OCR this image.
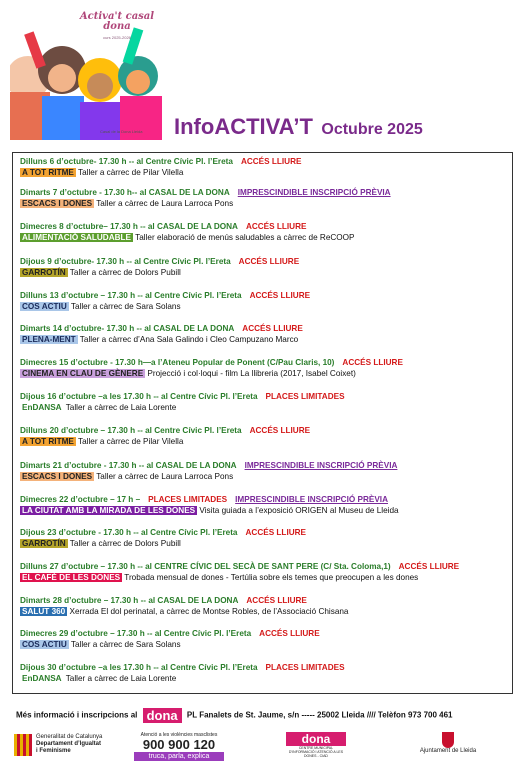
Activa't casal dona
curs 2025-2026
Casal de la Dona Lleida InfoACTIVA’T Octubre 2025
Dilluns 6 d’octubre- 17.30 h -- al Centre Cívic Pl. l’Ereta ACCÉS LLIURE
A TOT RITME Taller a càrrec de Pilar Vilella
Dimarts 7 d’octubre - 17.30 h-- al CASAL DE LA DONA IMPRESCINDIBLE INSCRIPCIÓ PRÈVIA
ESCACS I DONES Taller a càrrec de Laura Larroca Pons
Dimecres 8 d’octubre– 17.30 h -- al CASAL DE LA DONA ACCÉS LLIURE
ALIMENTACIÓ SALUDABLE Taller elaboració de menús saludables a càrrec de ReCOOP
Dijous 9 d’octubre- 17.30 h -- al Centre Cívic Pl. l’Ereta ACCÉS LLIURE
GARROTÍN Taller a càrrec de Dolors Pubill
Dilluns 13 d’octubre – 17.30 h -- al Centre Cívic Pl. l’Ereta ACCÉS LLIURE
COS ACTIU Taller a càrrec de Sara Solans
Dimarts 14 d’octubre- 17.30 h -- al CASAL DE LA DONA ACCÉS LLIURE
PLENA-MENT Taller a càrrec d’Ana Sala Galindo i Cleo Campuzano Marco
Dimecres 15 d’octubre - 17.30 h—a l’Ateneu Popular de Ponent (C/Pau Claris, 10) ACCÉS LLIURE
CINEMA EN CLAU DE GÈNERE Projecció i col·loqui - film La llibreria (2017, Isabel Coixet)
Dijous 16 d’octubre –a les 17.30 h -- al Centre Cívic Pl. l’Ereta PLACES LIMITADES
EnDANSA Taller a càrrec de Laia Lorente
Dilluns 20 d’octubre – 17.30 h -- al Centre Cívic Pl. l’Ereta ACCÉS LLIURE
A TOT RITME Taller a càrrec de Pilar Vilella
Dimarts 21 d’octubre - 17.30 h -- al CASAL DE LA DONA IMPRESCINDIBLE INSCRIPCIÓ PRÈVIA
ESCACS I DONES Taller a càrrec de Laura Larroca Pons
Dimecres 22 d’octubre – 17 h – PLACES LIMITADES IMPRESCINDIBLE INSCRIPCIÓ PRÈVIA
LA CIUTAT AMB LA MIRADA DE LES DONES Visita guiada a l’exposició ORIGEN al Museu de Lleida
Dijous 23 d’octubre - 17.30 h -- al Centre Cívic Pl. l’Ereta ACCÉS LLIURE
GARROTÍN Taller a càrrec de Dolors Pubill
Dilluns 27 d’octubre – 17.30 h -- al CENTRE CÍVIC DEL SECÀ DE SANT PERE (C/ Sta. Coloma,1) ACCÉS LLIURE
EL CAFÈ DE LES DONES Trobada mensual de dones - Tertúlia sobre els temes que preocupen a les dones
Dimarts 28 d’octubre – 17.30 h -- al CASAL DE LA DONA ACCÉS LLIURE
SALUT 360 Xerrada El dol perinatal, a càrrec de Montse Robles, de l’Associació Chisana
Dimecres 29 d’octubre – 17.30 h -- al Centre Cívic Pl. l’Ereta ACCÉS LLIURE
COS ACTIU Taller a càrrec de Sara Solans
Dijous 30 d’octubre –a les 17.30 h -- al Centre Cívic Pl. l’Ereta PLACES LIMITADES
EnDANSA Taller a càrrec de Laia Lorente
Més informació i inscripcions al dona PL Fanalets de St. Jaume, s/n ----- 25002 Lleida //// Telèfon 973 700 461
Generalitat de Catalunya
Departament d’Igualtat
i Feminisme
Atenció a les violències masclistes
900 900 120
truca, parla, explica
dona
CENTRE MUNICIPAL D’INFORMACIÓ I ATENCIÓ A LES DONES - CIAD
Ajuntament de Lleida
